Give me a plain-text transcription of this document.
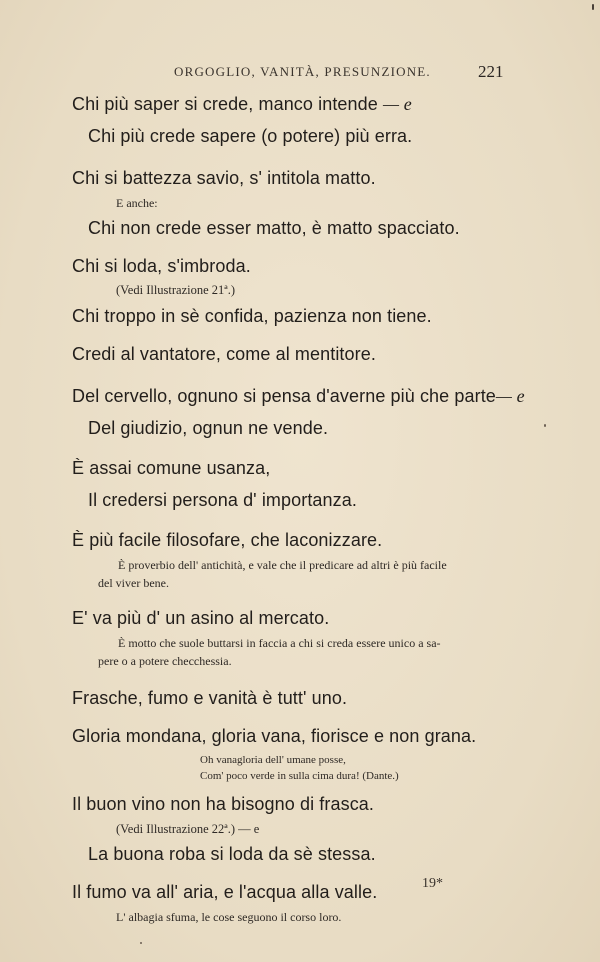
ORGOGLIO, VANITÀ, PRESUNZIONE.	221

Chi più saper si crede, manco intende — e

Chi più crede sapere (o potere) più erra.

Chi si battezza savio, s' intitola matto.

E anche:

Chi non crede esser matto, è matto spacciato.

Chi si loda, s'imbroda.

(Vedi Illustrazione 21ª.)

Chi troppo in sè confida, pazienza non tiene.

Credi al vantatore, come al mentitore.

Del cervello, ognuno si pensa d'averne più che parte— e

Del giudizio, ognun ne vende.

È assai comune usanza,

Il credersi persona d' importanza.

È più facile filosofare, che laconizzare.

È proverbio dell' antichità, e vale che il predicare ad altri è più facile
del viver bene.

E' va più d' un asino al mercato.

È motto che suole buttarsi in faccia a chi si creda essere unico a sa-
pere o a potere checchessia.

Frasche, fumo e vanità è tutt' uno.

Gloria mondana, gloria vana, fiorisce e non grana.

Oh vanagloria dell' umane posse,

Com' poco verde in sulla cima dura! (Dante.)

Il buon vino non ha bisogno di frasca.

(Vedi Illustrazione 22ª.) — e

La buona roba si loda da sè stessa.

Il fumo va all' aria, e l'acqua alla valle.

L' albagia sfuma, le cose seguono il corso loro.

19*
